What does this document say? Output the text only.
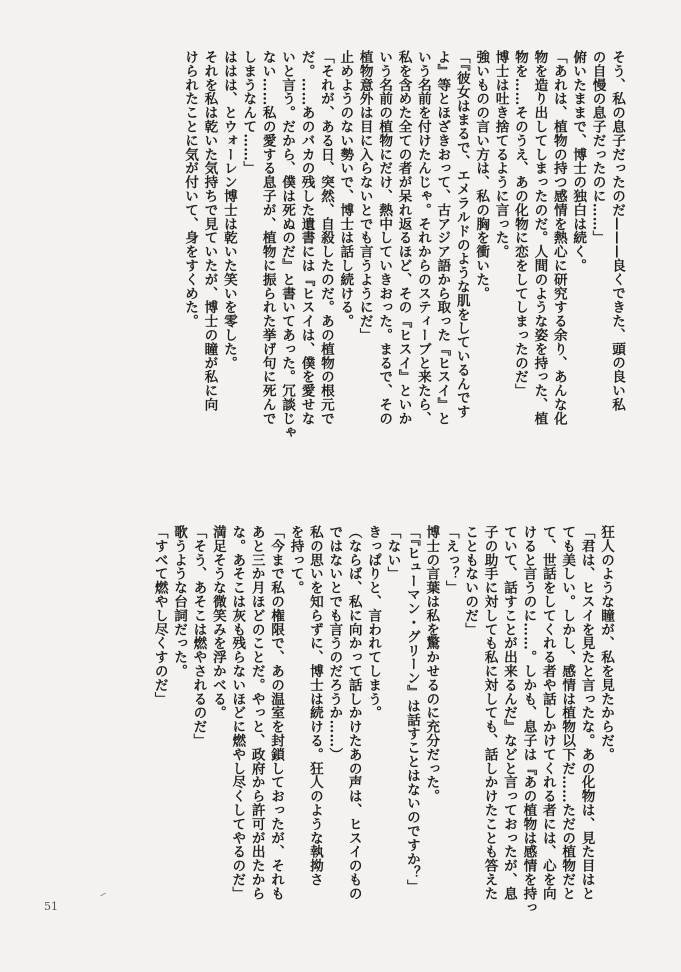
そう、私の息子だったのだ———良くできた、頭の良い私
の自慢の息子だったのに……」
俯いたままで、博士の独白は続く。
「あれは、植物の持つ感情を熱心に研究する余り、あんな化
物を造り出してしまったのだ。人間のような姿を持った、植
物を……そのうえ、あの化物に恋をしてしまったのだ」
博士は吐き捨てるように言った。
強いものの言い方は、私の胸を衝いた。
「『彼女はまるで、エメラルドのような肌をしているんです
よ』等とほざきおって、古アジア語から取った『ヒスイ』と
いう名前を付けたんじゃ。それからのスティーブと来たら、
私を含めた全ての者が呆れ返るほど、その『ヒスイ』といか
いう名前の植物にだけ、熱中していきおった。まるで、その
植物意外は目に入らないとでも言うようにだ」
止めようのない勢いで、博士は話し続ける。
「それが、ある日、突然、自殺したのだ。あの植物の根元で
だ。……あのバカの残した遺書には『ヒスイは、僕を愛せな
いと言う。だから、僕は死ぬのだ』と書いてあった。冗談じゃ
ない……私の愛する息子が、植物に振られた挙げ句に死んで
しまうなんて……」
ははは、とウォーレン博士は乾いた笑いを零した。
それを私は乾いた気持ちで見ていたが、博士の瞳が私に向
けられたことに気が付いて、身をすくめた。
狂人のような瞳が、私を見たからだ。
「君は、ヒスイを見たと言ったな。あの化物は、見た目はと
ても美しい。しかし、感情は植物以下だ……ただの植物だと
て、世話をしてくれる者や話しかけてくれる者には、心を向
けると言うのに……。しかも、息子は『あの植物は感情を持っ
ていて、話すことが出来るんだ』などと言っておったが、息
子の助手に対しても私に対しても、話しかけたことも答えた
こともないのだ」
「えっ？」
博士の言葉は私を驚かせるのに充分だった。
「『ヒューマン・グリーン』は話すことはないのですか？」
「ない」
きっぱりと、言われてしまう。
（ならば、私に向かって話しかけたあの声は、ヒスイのもの
ではないとでも言うのだろうか……）
私の思いを知らずに、博士は続ける。狂人のような執拗さ
を持って。
「今まで私の権限で、あの温室を封鎖しておったが、それも
あと三か月ほどのことだ。やっと、政府から許可が出たから
な。あそこは灰も残らないほどに燃やし尽くしてやるのだ」
満足そうな微笑みを浮かべる。
「そう、あそこは燃やされるのだ」
歌うような台詞だった。
「すべて燃やし尽くすのだ」
51
